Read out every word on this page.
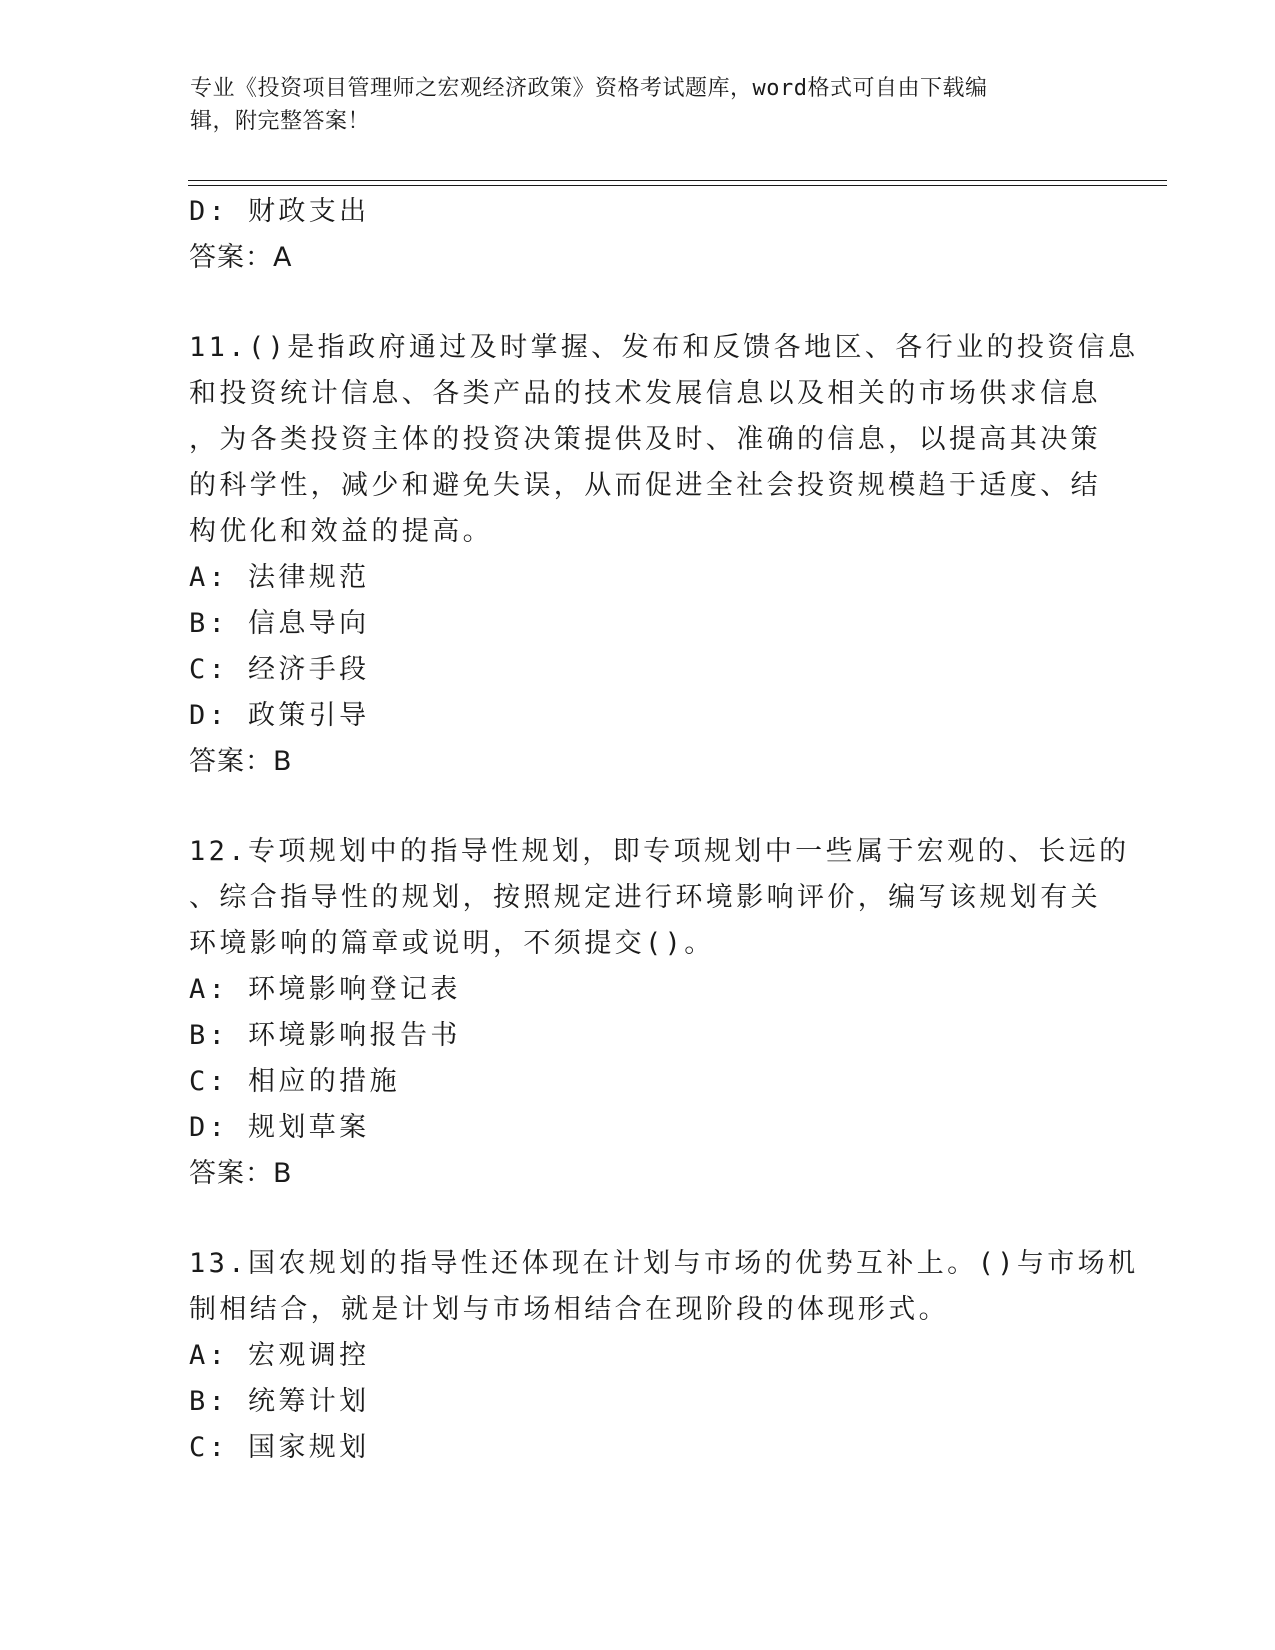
专业《投资项目管理师之宏观经济政策》资格考试题库，word格式可自由下载编
辑，附完整答案！
D: 财政支出
答案：A
11.()是指政府通过及时掌握、发布和反馈各地区、各行业的投资信息
和投资统计信息、各类产品的技术发展信息以及相关的市场供求信息
，为各类投资主体的投资决策提供及时、准确的信息，以提高其决策
的科学性，减少和避免失误，从而促进全社会投资规模趋于适度、结
构优化和效益的提高。
A: 法律规范
B: 信息导向
C: 经济手段
D: 政策引导
答案：B
12.专项规划中的指导性规划，即专项规划中一些属于宏观的、长远的
、综合指导性的规划，按照规定进行环境影响评价，编写该规划有关
环境影响的篇章或说明，不须提交()。
A: 环境影响登记表
B: 环境影响报告书
C: 相应的措施
D: 规划草案
答案：B
13.国农规划的指导性还体现在计划与市场的优势互补上。()与市场机
制相结合，就是计划与市场相结合在现阶段的体现形式。
A: 宏观调控
B: 统筹计划
C: 国家规划
